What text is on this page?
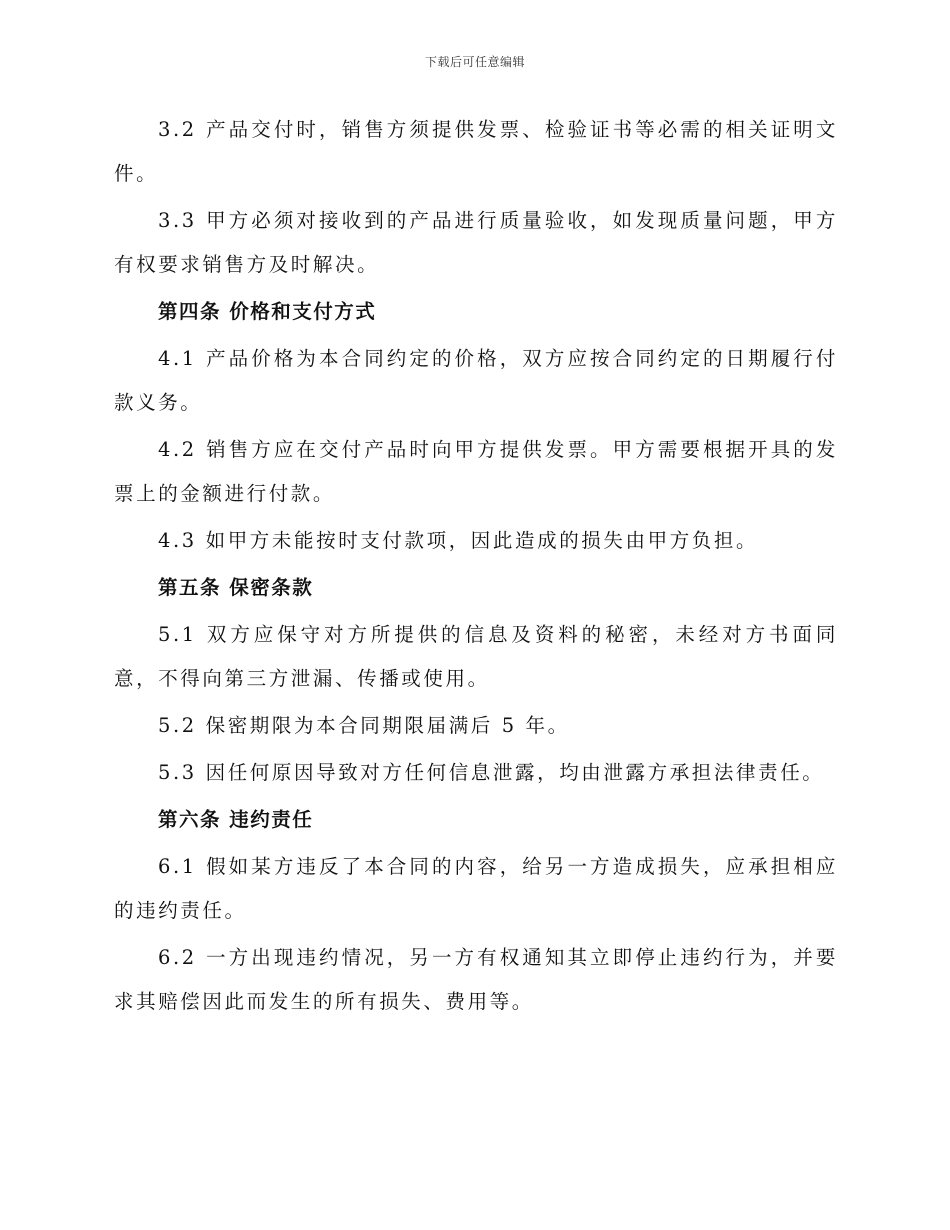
下载后可任意编辑

3.2 产品交付时，销售方须提供发票、检验证书等必需的相关证明文件。

3.3 甲方必须对接收到的产品进行质量验收，如发现质量问题，甲方有权要求销售方及时解决。

第四条 价格和支付方式

4.1 产品价格为本合同约定的价格，双方应按合同约定的日期履行付款义务。

4.2 销售方应在交付产品时向甲方提供发票。甲方需要根据开具的发票上的金额进行付款。

4.3 如甲方未能按时支付款项，因此造成的损失由甲方负担。

第五条 保密条款

5.1 双方应保守对方所提供的信息及资料的秘密，未经对方书面同意，不得向第三方泄漏、传播或使用。

5.2 保密期限为本合同期限届满后 5 年。

5.3 因任何原因导致对方任何信息泄露，均由泄露方承担法律责任。

第六条 违约责任

6.1 假如某方违反了本合同的内容，给另一方造成损失，应承担相应的违约责任。

6.2 一方出现违约情况，另一方有权通知其立即停止违约行为，并要求其赔偿因此而发生的所有损失、费用等。
